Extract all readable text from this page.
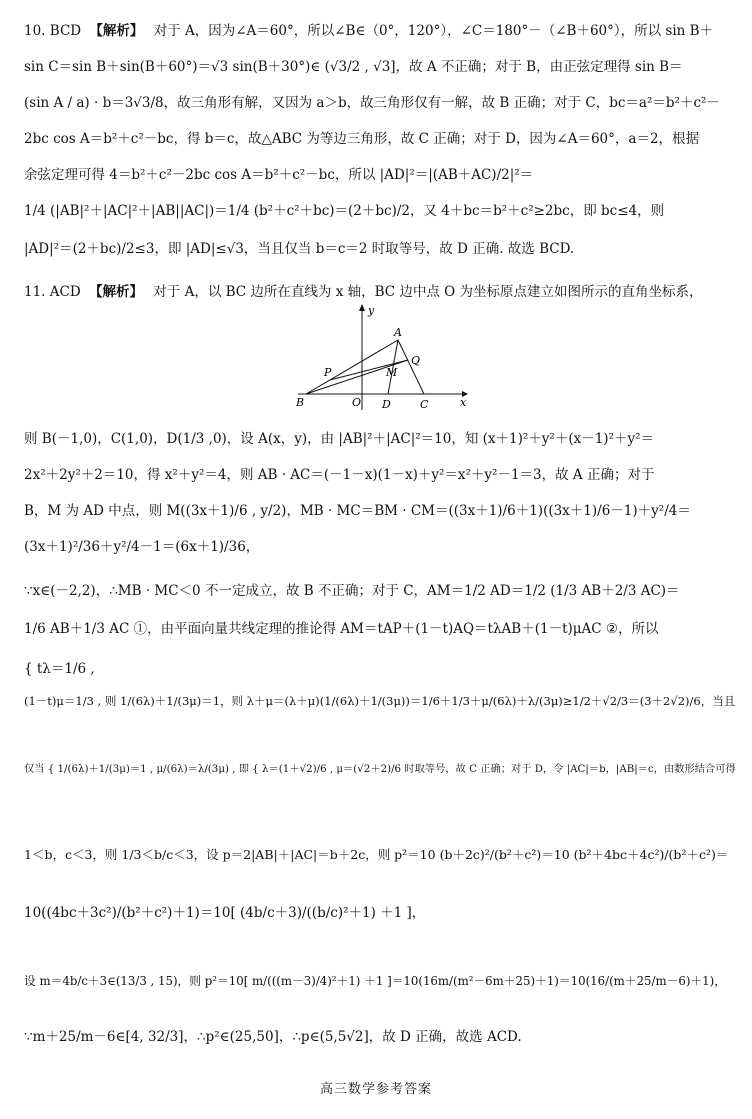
10. BCD 【解析】 对于 A，因为∠A＝60°，所以∠B∈（0°，120°），∠C＝180°－（∠B＋60°），所以 sin B＋
sin C＝sin B＋sin(B＋60°)＝√3 sin(B＋30°)∈ (√3/2 , √3]，故 A 不正确；对于 B，由正弦定理得 sin B＝
(sin A / a) · b＝3√3/8，故三角形有解，又因为 a＞b，故三角形仅有一解，故 B 正确；对于 C，bc＝a²＝b²＋c²－
2bc cos A＝b²＋c²－bc，得 b＝c，故△ABC 为等边三角形，故 C 正确；对于 D，因为∠A＝60°，a＝2，根据
余弦定理可得 4＝b²＋c²－2bc cos A＝b²＋c²－bc，所以 |AD|²＝|(AB＋AC)/2|²＝
1/4 (|AB|²＋|AC|²＋|AB||AC|)＝1/4 (b²＋c²＋bc)＝(2＋bc)/2，又 4＋bc＝b²＋c²≥2bc，即 bc≤4，则
|AD|²＝(2＋bc)/2≤3，即 |AD|≤√3，当且仅当 b＝c＝2 时取等号，故 D 正确. 故选 BCD.
11. ACD 【解析】 对于 A，以 BC 边所在直线为 x 轴，BC 边中点 O 为坐标原点建立如图所示的直角坐标系，
y
x
A
Q
P	M
B	O D	C
则 B(－1,0)，C(1,0)，D(1/3 ,0)，设 A(x，y)，由 |AB|²＋|AC|²＝10，知 (x＋1)²＋y²＋(x－1)²＋y²＝
2x²＋2y²＋2＝10，得 x²＋y²＝4，则 AB · AC＝(－1－x)(1－x)＋y²＝x²＋y²－1＝3，故 A 正确；对于
B，M 为 AD 中点，则 M((3x＋1)/6 , y/2)，MB · MC＝BM · CM＝((3x＋1)/6＋1)((3x＋1)/6－1)＋y²/4＝
(3x＋1)²/36＋y²/4－1＝(6x＋1)/36，
∵x∈(－2,2)，∴MB · MC＜0 不一定成立，故 B 不正确；对于 C，AM＝1/2 AD＝1/2 (1/3 AB＋2/3 AC)＝
1/6 AB＋1/3 AC ①，由平面向量共线定理的推论得 AM＝tAP＋(1－t)AQ＝tλAB＋(1－t)μAC ②，所以
{ tλ＝1/6 ,
(1－t)μ＝1/3 , 则 1/(6λ)＋1/(3μ)＝1，则 λ＋μ＝(λ＋μ)(1/(6λ)＋1/(3μ))＝1/6＋1/3＋μ/(6λ)＋λ/(3μ)≥1/2＋√2/3＝(3＋2√2)/6，当且
仅当 { 1/(6λ)＋1/(3μ)＝1 , μ/(6λ)＝λ/(3μ) , 即 { λ＝(1＋√2)/6 , μ＝(√2＋2)/6 时取等号，故 C 正确；对于 D，令 |AC|＝b，|AB|＝c，由数形结合可得
1＜b，c＜3，则 1/3＜b/c＜3，设 p＝2|AB|＋|AC|＝b＋2c，则 p²＝10 (b＋2c)²/(b²＋c²)＝10 (b²＋4bc＋4c²)/(b²＋c²)＝
10((4bc＋3c²)/(b²＋c²)＋1)＝10[ (4b/c＋3)/((b/c)²＋1) ＋1 ]，
设 m＝4b/c＋3∈(13/3 , 15)，则 p²＝10[ m/(((m－3)/4)²＋1) ＋1 ]＝10(16m/(m²－6m＋25)＋1)＝10(16/(m＋25/m－6)＋1)，
∵m＋25/m－6∈[4, 32/3]，∴p²∈(25,50]，∴p∈(5,5√2]，故 D 正确，故选 ACD.
高三数学参考答案
